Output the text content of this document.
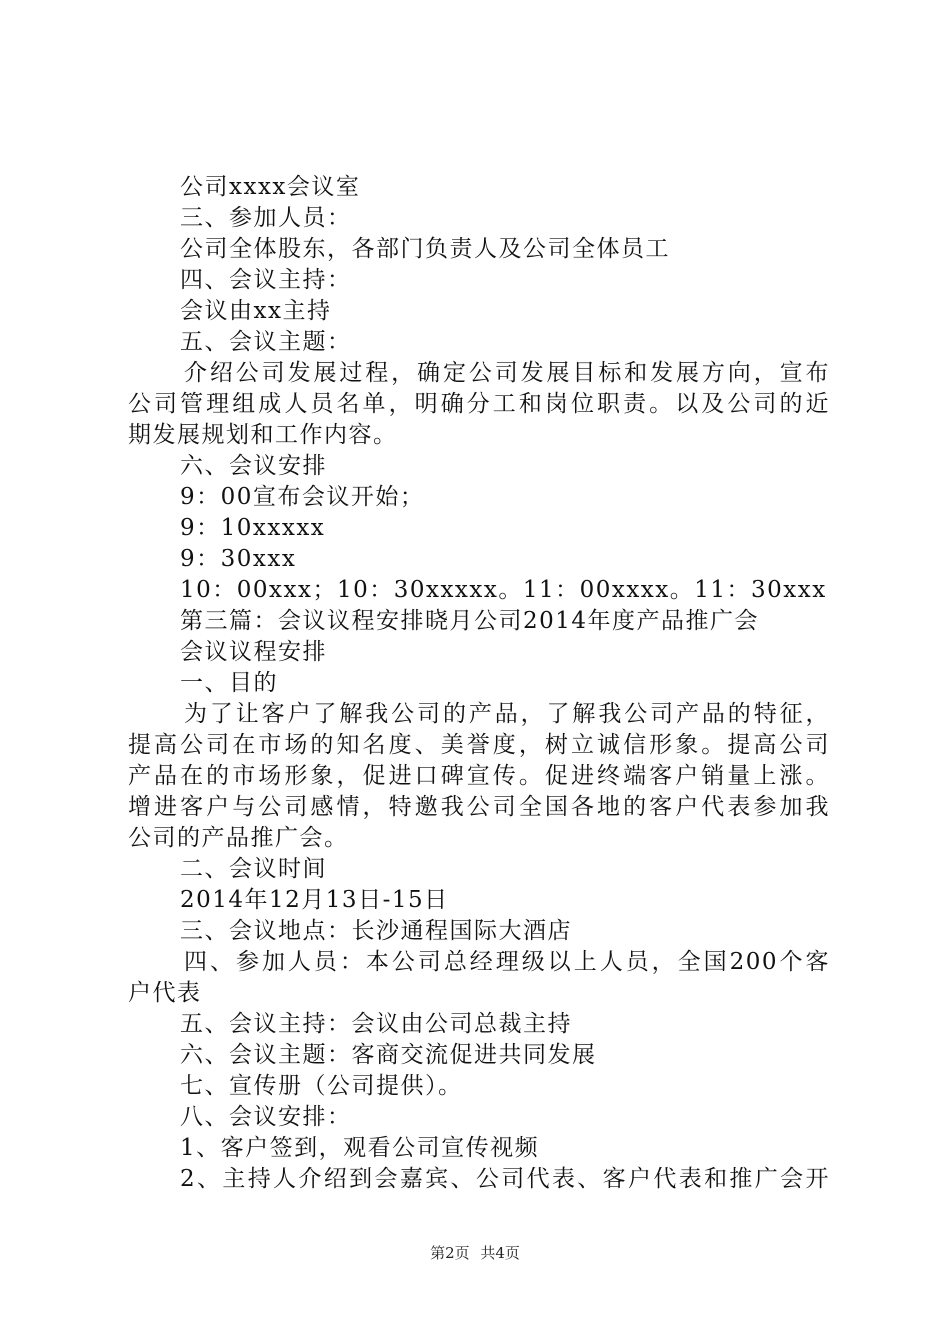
公司xxxx会议室
三、参加人员：
公司全体股东，各部门负责人及公司全体员工
四、会议主持：
会议由xx主持
五、会议主题：
介绍公司发展过程，确定公司发展目标和发展方向，宣布
公司管理组成人员名单，明确分工和岗位职责。以及公司的近
期发展规划和工作内容。
六、会议安排
9：00宣布会议开始；
9：10xxxxx
9：30xxx
10：00xxx；10：30xxxxx。11：00xxxx。11：30xxx
第三篇：会议议程安排晓月公司2014年度产品推广会
会议议程安排
一、目的
为了让客户了解我公司的产品，了解我公司产品的特征，
提高公司在市场的知名度、美誉度，树立诚信形象。提高公司
产品在的市场形象，促进口碑宣传。促进终端客户销量上涨。
增进客户与公司感情，特邀我公司全国各地的客户代表参加我
公司的产品推广会。
二、会议时间
2014年12月13日-15日
三、会议地点：长沙通程国际大酒店
四、参加人员：本公司总经理级以上人员，全国200个客
户代表
五、会议主持：会议由公司总裁主持
六、会议主题：客商交流促进共同发展
七、宣传册（公司提供）。
八、会议安排：
1、客户签到，观看公司宣传视频
2、主持人介绍到会嘉宾、公司代表、客户代表和推广会开
第2页 共4页
